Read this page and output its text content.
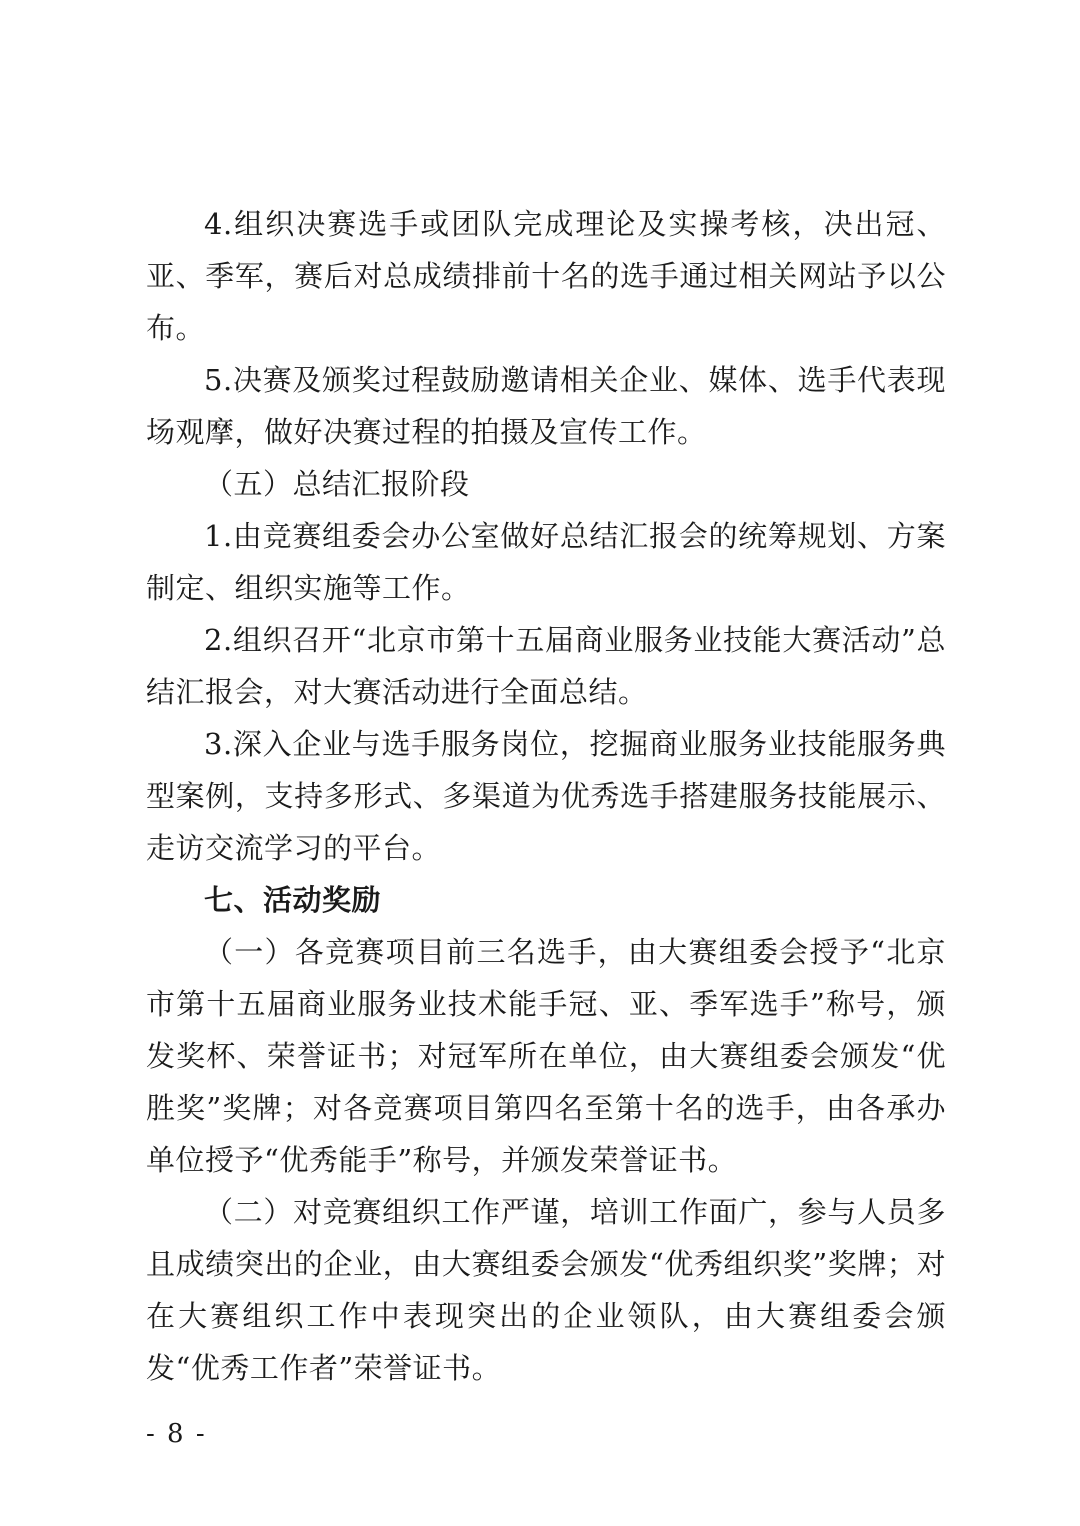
4.组织决赛选手或团队完成理论及实操考核，决出冠、亚、季军，赛后对总成绩排前十名的选手通过相关网站予以公布。

5.决赛及颁奖过程鼓励邀请相关企业、媒体、选手代表现场观摩，做好决赛过程的拍摄及宣传工作。

（五）总结汇报阶段

1.由竞赛组委会办公室做好总结汇报会的统筹规划、方案制定、组织实施等工作。

2.组织召开“北京市第十五届商业服务业技能大赛活动”总结汇报会，对大赛活动进行全面总结。

3.深入企业与选手服务岗位，挖掘商业服务业技能服务典型案例，支持多形式、多渠道为优秀选手搭建服务技能展示、走访交流学习的平台。

七、活动奖励

（一）各竞赛项目前三名选手，由大赛组委会授予“北京市第十五届商业服务业技术能手冠、亚、季军选手”称号，颁发奖杯、荣誉证书；对冠军所在单位，由大赛组委会颁发“优胜奖”奖牌；对各竞赛项目第四名至第十名的选手，由各承办单位授予“优秀能手”称号，并颁发荣誉证书。

（二）对竞赛组织工作严谨，培训工作面广，参与人员多且成绩突出的企业，由大赛组委会颁发“优秀组织奖”奖牌；对在大赛组织工作中表现突出的企业领队，由大赛组委会颁发“优秀工作者”荣誉证书。

- 8 -
